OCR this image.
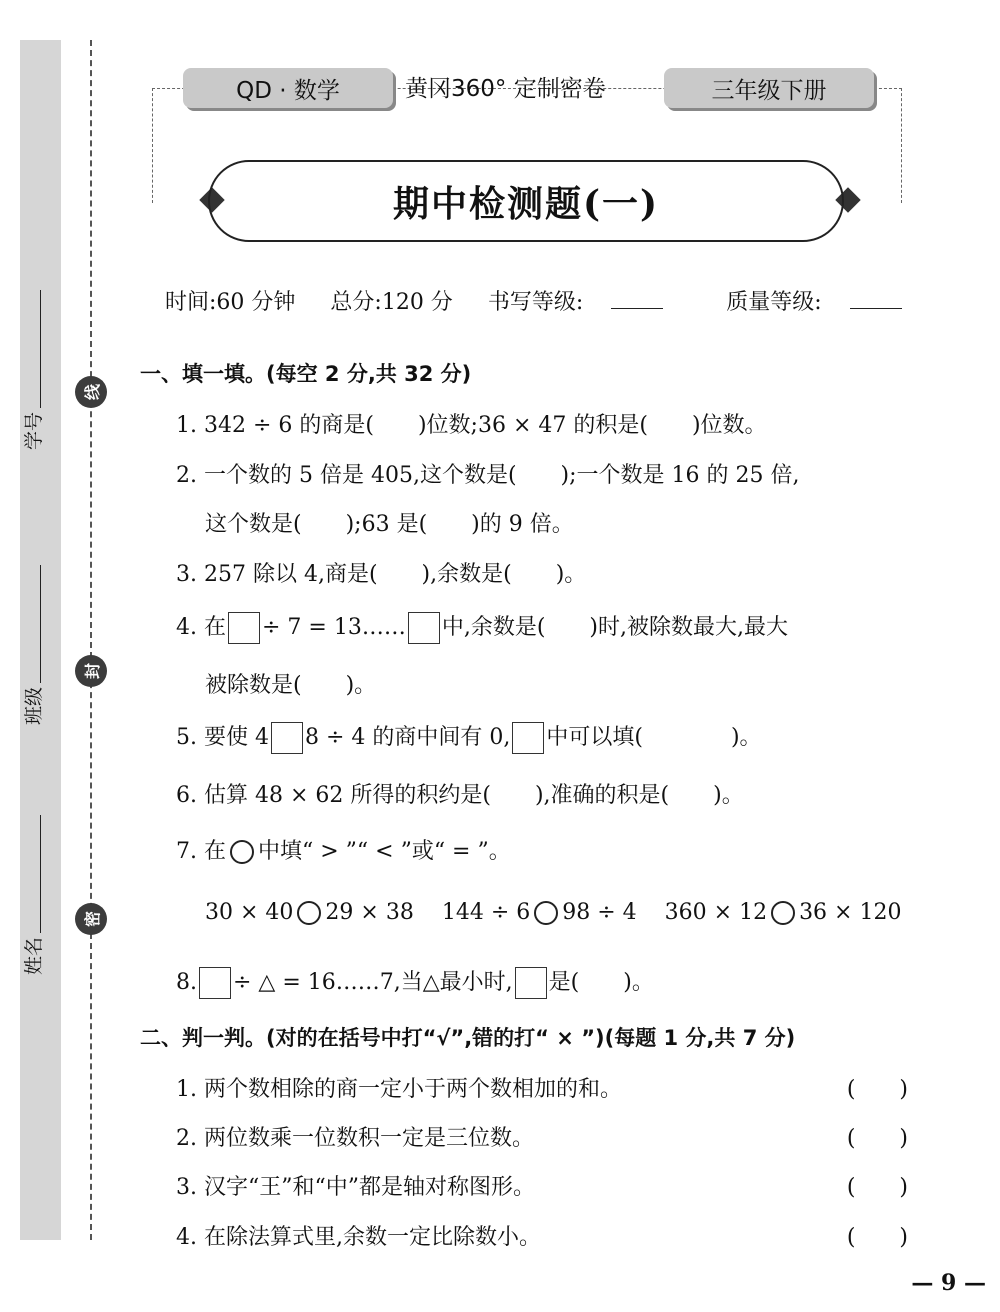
线
封
密
学号
班级
姓名
QD · 数学	黄冈360° 定制密卷	三年级下册
期中检测题(一)
时间:60 分钟 总分:120 分 书写等级:	质量等级:
一、填一填。(每空 2 分,共 32 分)
1. 342 ÷ 6 的商是(　　)位数;36 × 47 的积是(　　)位数。
2. 一个数的 5 倍是 405,这个数是(　　);一个数是 16 的 25 倍,
这个数是(　　);63 是(　　)的 9 倍。
3. 257 除以 4,商是(　　),余数是(　　)。
4. 在 ÷ 7 = 13…… 中,余数是(　　)时,被除数最大,最大
被除数是(　　)。
5. 要使 4 8 ÷ 4 的商中间有 0, 中可以填(　　　　)。
6. 估算 48 × 62 所得的积约是(　　),准确的积是(　　)。
7. 在 中填“ > ”“ < ”或“ = ”。
30 × 40 29 × 38 144 ÷ 6 98 ÷ 4 360 × 12 36 × 120
8. ÷ △ = 16……7,当△最小时, 是(　　)。
二、判一判。(对的在括号中打“√”,错的打“ × ”)(每题 1 分,共 7 分)
1. 两个数相除的商一定小于两个数相加的和。	(　　)
2. 两位数乘一位数积一定是三位数。	(　　)
3. 汉字“王”和“中”都是轴对称图形。	(　　)
4. 在除法算式里,余数一定比除数小。	(　　)
— 9 —
